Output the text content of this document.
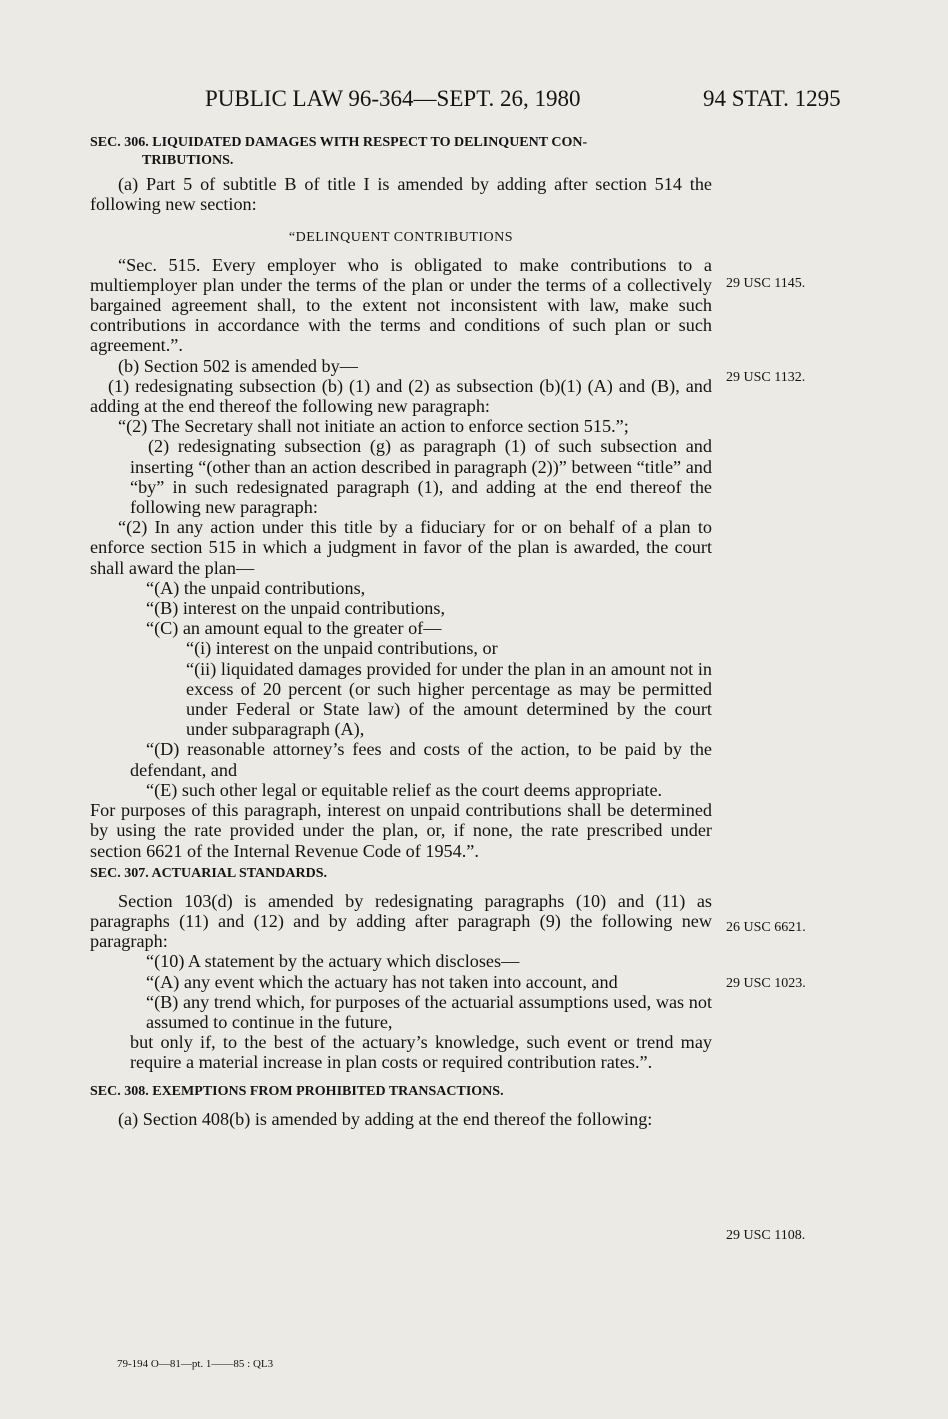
PUBLIC LAW 96-364—SEPT. 26, 1980	94 STAT. 1295
SEC. 306. LIQUIDATED DAMAGES WITH RESPECT TO DELINQUENT CON-
TRIBUTIONS.
(a) Part 5 of subtitle B of title I is amended by adding after section 514 the following new section:
“DELINQUENT CONTRIBUTIONS
“Sec. 515. Every employer who is obligated to make contributions to a multiemployer plan under the terms of the plan or under the terms of a collectively bargained agreement shall, to the extent not inconsistent with law, make such contributions in accordance with the terms and conditions of such plan or such agreement.”.
(b) Section 502 is amended by—
(1) redesignating subsection (b) (1) and (2) as subsection (b)(1) (A) and (B), and adding at the end thereof the following new paragraph:
“(2) The Secretary shall not initiate an action to enforce section 515.”;
(2) redesignating subsection (g) as paragraph (1) of such subsection and inserting “(other than an action described in paragraph (2))” between “title” and “by” in such redesignated paragraph (1), and adding at the end thereof the following new paragraph:
“(2) In any action under this title by a fiduciary for or on behalf of a plan to enforce section 515 in which a judgment in favor of the plan is awarded, the court shall award the plan—
“(A) the unpaid contributions,
“(B) interest on the unpaid contributions,
“(C) an amount equal to the greater of—
“(i) interest on the unpaid contributions, or
“(ii) liquidated damages provided for under the plan in an amount not in excess of 20 percent (or such higher percentage as may be permitted under Federal or State law) of the amount determined by the court under subparagraph (A),
“(D) reasonable attorney’s fees and costs of the action, to be paid by the defendant, and
“(E) such other legal or equitable relief as the court deems appropriate.
For purposes of this paragraph, interest on unpaid contributions shall be determined by using the rate provided under the plan, or, if none, the rate prescribed under section 6621 of the Internal Revenue Code of 1954.”.
SEC. 307. ACTUARIAL STANDARDS.
Section 103(d) is amended by redesignating paragraphs (10) and (11) as paragraphs (11) and (12) and by adding after paragraph (9) the following new paragraph:
“(10) A statement by the actuary which discloses—
“(A) any event which the actuary has not taken into account, and
“(B) any trend which, for purposes of the actuarial assumptions used, was not assumed to continue in the future,
but only if, to the best of the actuary’s knowledge, such event or trend may require a material increase in plan costs or required contribution rates.”.
SEC. 308. EXEMPTIONS FROM PROHIBITED TRANSACTIONS.
(a) Section 408(b) is amended by adding at the end thereof the following:
29 USC 1145.
29 USC 1132.
26 USC 6621.
29 USC 1023.
29 USC 1108.
79-194 O—81—pt. 1——85 : QL3
